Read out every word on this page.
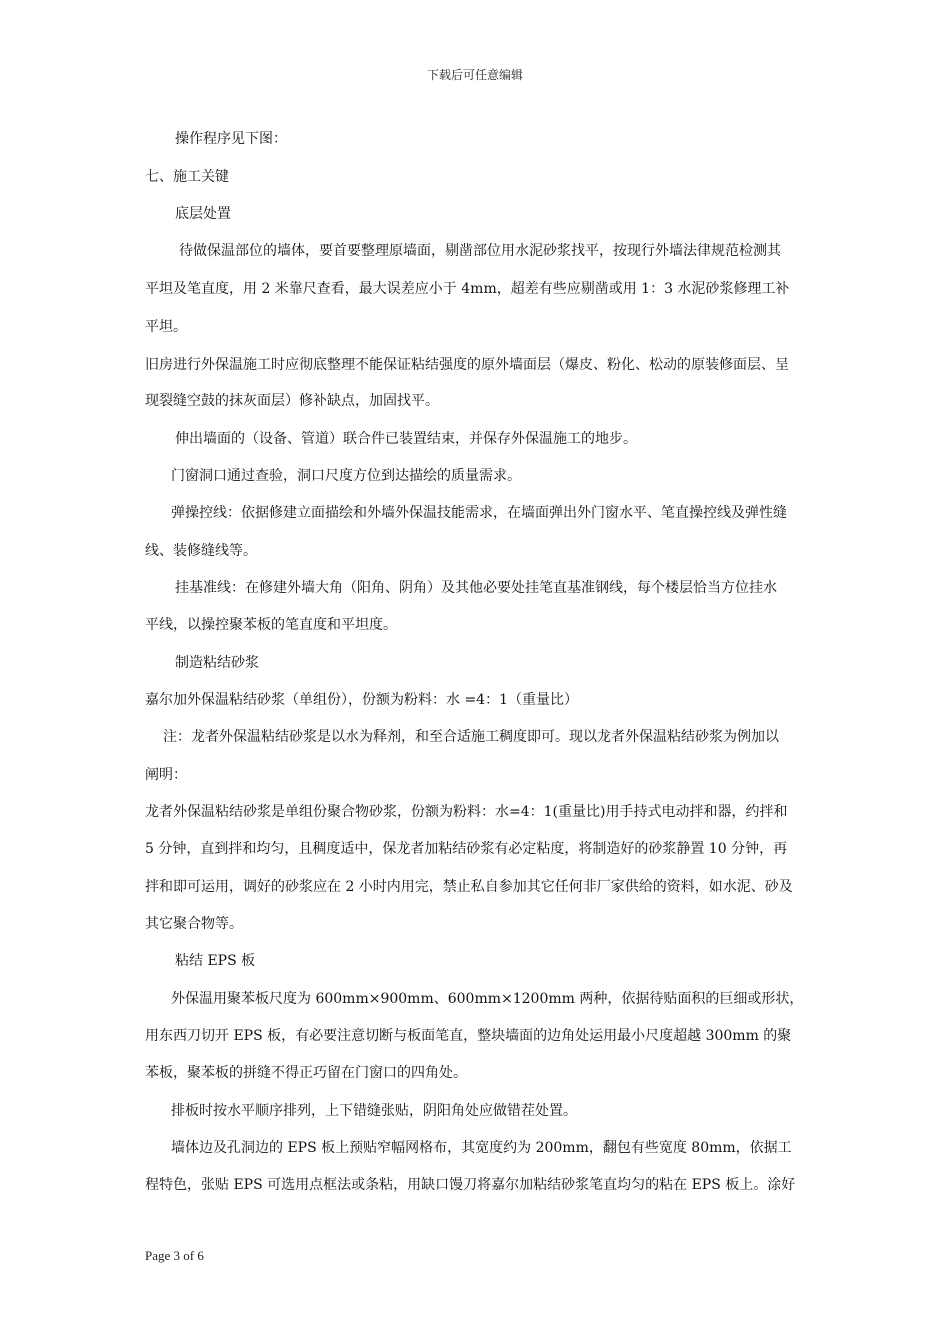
下载后可任意编辑
操作程序见下图：
七、施工关键
底层处置
待做保温部位的墙体，要首要整理原墙面，剔凿部位用水泥砂浆找平，按现行外墙法律规范检测其
平坦及笔直度，用 2 米靠尺查看，最大误差应小于 4mm，超差有些应剔凿或用 1：3 水泥砂浆修理工补
平坦。
旧房进行外保温施工时应彻底整理不能保证粘结强度的原外墙面层（爆皮、粉化、松动的原装修面层、呈
现裂缝空鼓的抹灰面层）修补缺点，加固找平。
伸出墙面的（设备、管道）联合件已装置结束，并保存外保温施工的地步。
门窗洞口通过查验，洞口尺度方位到达描绘的质量需求。
弹操控线：依据修建立面描绘和外墙外保温技能需求，在墙面弹出外门窗水平、笔直操控线及弹性缝
线、装修缝线等。
挂基准线：在修建外墙大角（阳角、阴角）及其他必要处挂笔直基准钢线，每个楼层恰当方位挂水
平线，以操控聚苯板的笔直度和平坦度。
制造粘结砂浆
嘉尔加外保温粘结砂浆（单组份），份额为粉料：水 =4：1（重量比）
注：龙者外保温粘结砂浆是以水为释剂，和至合适施工稠度即可。现以龙者外保温粘结砂浆为例加以
阐明：
龙者外保温粘结砂浆是单组份聚合物砂浆，份额为粉料：水=4：1(重量比)用手持式电动拌和器，约拌和
5 分钟，直到拌和均匀，且稠度适中，保龙者加粘结砂浆有必定粘度，将制造好的砂浆静置 10 分钟，再
拌和即可运用，调好的砂浆应在 2 小时内用完，禁止私自参加其它任何非厂家供给的资料，如水泥、砂及
其它聚合物等。
粘结 EPS 板
外保温用聚苯板尺度为 600mm×900mm、600mm×1200mm 两种，依据待贴面积的巨细或形状，
用东西刀切开 EPS 板，有必要注意切断与板面笔直，整块墙面的边角处运用最小尺度超越 300mm 的聚
苯板，聚苯板的拼缝不得正巧留在门窗口的四角处。
排板时按水平顺序排列，上下错缝张贴，阴阳角处应做错茬处置。
墙体边及孔洞边的 EPS 板上预贴窄幅网格布，其宽度约为 200mm，翻包有些宽度 80mm，依据工
程特色，张贴 EPS 可选用点框法或条粘，用缺口馒刀将嘉尔加粘结砂浆笔直均匀的粘在 EPS 板上。涂好
Page 3 of 6
